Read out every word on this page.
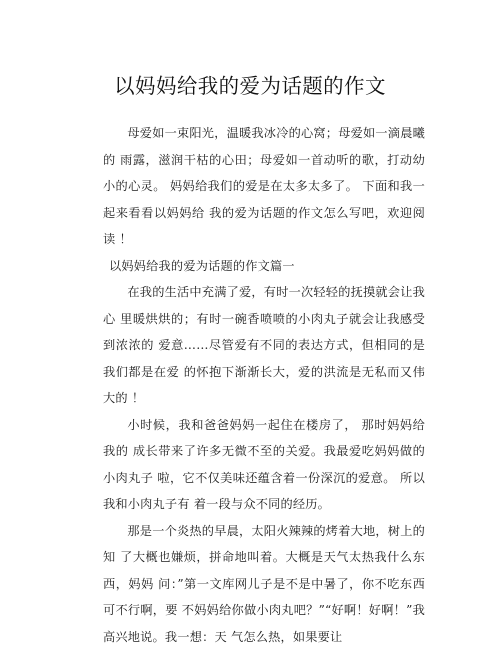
以妈妈给我的爱为话题的作文

母爱如一束阳光，温暖我冰冷的心窝；母爱如一滴晨曦的 雨露，滋润干枯的心田；母爱如一首动听的歌，打动幼小的心灵。 妈妈给我们的爱是在太多太多了。 下面和我一起来看看以妈妈给 我的爱为话题的作文怎么写吧，欢迎阅读 ！

以妈妈给我的爱为话题的作文篇一

在我的生活中充满了爱，有时一次轻轻的抚摸就会让我心 里暖烘烘的；有时一碗香喷喷的小肉丸子就会让我感受到浓浓的 爱意……尽管爱有不同的表达方式，但相同的是我们都是在爱 的怀抱下渐渐长大，爱的洪流是无私而又伟大的 ！

小时候，我和爸爸妈妈一起住在楼房了， 那时妈妈给我的 成长带来了许多无微不至的关爱。我最爱吃妈妈做的小肉丸子 啦，它不仅美味还蕴含着一份深沉的爱意。 所以我和小肉丸子有 着一段与众不同的经历。

那是一个炎热的早晨，太阳火辣辣的烤着大地，树上的知 了大概也嫌烦，拼命地叫着。大概是天气太热我什么东西，妈妈 问：”第一文库网儿子是不是中暑了，你不吃东西可不行啊，要 不妈妈给你做小肉丸吧？”“好啊！好啊！”我高兴地说。我一想：天 气怎么热，如果要让
